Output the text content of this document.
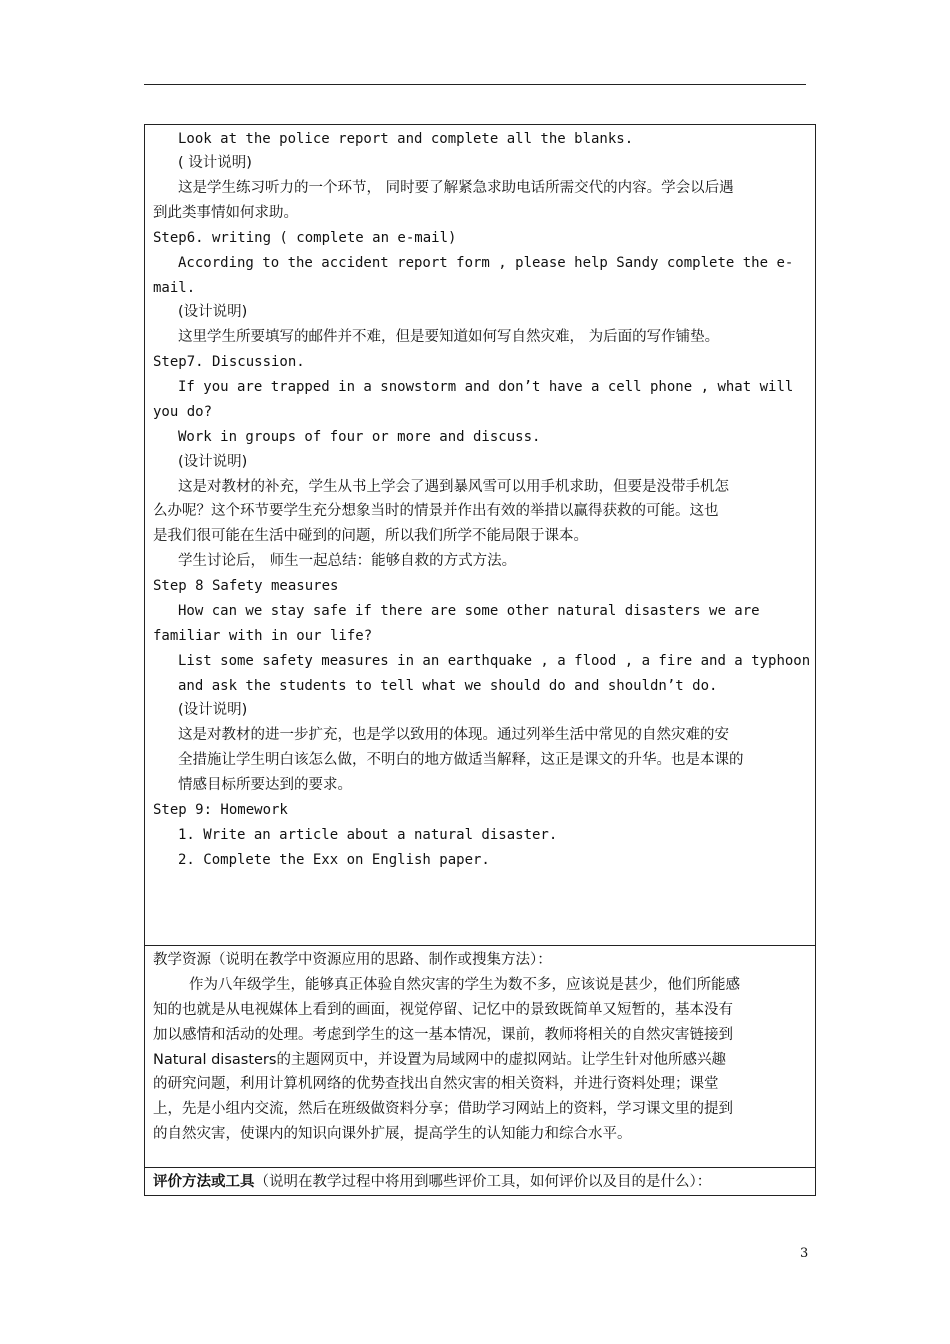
Look at the police report and complete all the blanks.
( 设计说明)
这是学生练习听力的一个环节， 同时要了解紧急求助电话所需交代的内容。学会以后遇
到此类事情如何求助。
Step6. writing ( complete an e-mail)
According to the accident report form , please help Sandy complete the e-
mail.
(设计说明)
这里学生所要填写的邮件并不难，但是要知道如何写自然灾难， 为后面的写作铺垫。
Step7. Discussion.
If you are trapped in a snowstorm and don’t have a cell phone , what will
you do?
Work in groups of four or more and discuss.
(设计说明)
这是对教材的补充，学生从书上学会了遇到暴风雪可以用手机求助，但要是没带手机怎
么办呢？这个环节要学生充分想象当时的情景并作出有效的举措以赢得获救的可能。这也
是我们很可能在生活中碰到的问题，所以我们所学不能局限于课本。
学生讨论后， 师生一起总结：能够自救的方式方法。
Step 8 Safety measures
How can we stay safe if there are some other natural disasters we are
familiar with in our life?
List some safety measures in an earthquake , a flood , a fire and a typhoon
and ask the students to tell what we should do and shouldn’t do.
(设计说明)
这是对教材的进一步扩充，也是学以致用的体现。通过列举生活中常见的自然灾难的安
全措施让学生明白该怎么做，不明白的地方做适当解释，这正是课文的升华。也是本课的
情感目标所要达到的要求。
Step 9: Homework
1. Write an article about a natural disaster.
2. Complete the Exx on English paper.
教学资源（说明在教学中资源应用的思路、制作或搜集方法）：
作为八年级学生，能够真正体验自然灾害的学生为数不多，应该说是甚少，他们所能感
知的也就是从电视媒体上看到的画面，视觉停留、记忆中的景致既简单又短暂的，基本没有
加以感情和活动的处理。考虑到学生的这一基本情况，课前，教师将相关的自然灾害链接到
Natural disasters的主题网页中，并设置为局域网中的虚拟网站。让学生针对他所感兴趣
的研究问题，利用计算机网络的优势查找出自然灾害的相关资料，并进行资料处理；课堂
上，先是小组内交流，然后在班级做资料分享；借助学习网站上的资料，学习课文里的提到
的自然灾害，使课内的知识向课外扩展，提高学生的认知能力和综合水平。
评价方法或工具（说明在教学过程中将用到哪些评价工具，如何评价以及目的是什么）：
3
